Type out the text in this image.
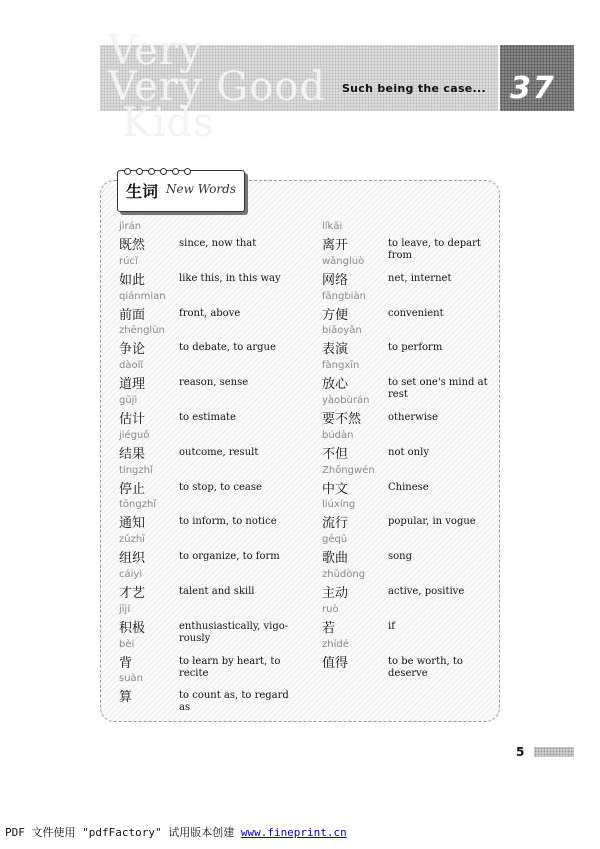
Very
Very Good
Kids
Such being the case... 37
生词 New Words
jìrán
既然	since, now that
rúcǐ
如此	like this, in this way
qiánmian
前面	front, above
zhēnglùn
争论	to debate, to argue
dàolǐ
道理	reason, sense
gūjì
估计	to estimate
jiéguǒ
结果	outcome, result
tíngzhǐ
停止	to stop, to cease
tōngzhī
通知	to inform, to notice
zǔzhī
组织	to organize, to form
cáiyì
才艺	talent and skill
jījí
积极	enthusiastically, vigo-rously
bèi
背	to learn by heart, to recite
suàn
算	to count as, to regard as
líkāi
离开	to leave, to depart from
wǎngluò
网络	net, internet
fāngbiàn
方便	convenient
biǎoyǎn
表演	to perform
fàngxīn
放心	to set one's mind at rest
yàobùrán
要不然	otherwise
búdàn
不但	not only
Zhōngwén
中文	Chinese
liúxíng
流行	popular, in vogue
gēqǔ
歌曲	song
zhǔdòng
主动	active, positive
ruò
若	if
zhídé
值得	to be worth, to deserve
5
PDF 文件使用 "pdfFactory" 试用版本创建 www.fineprint.cn
